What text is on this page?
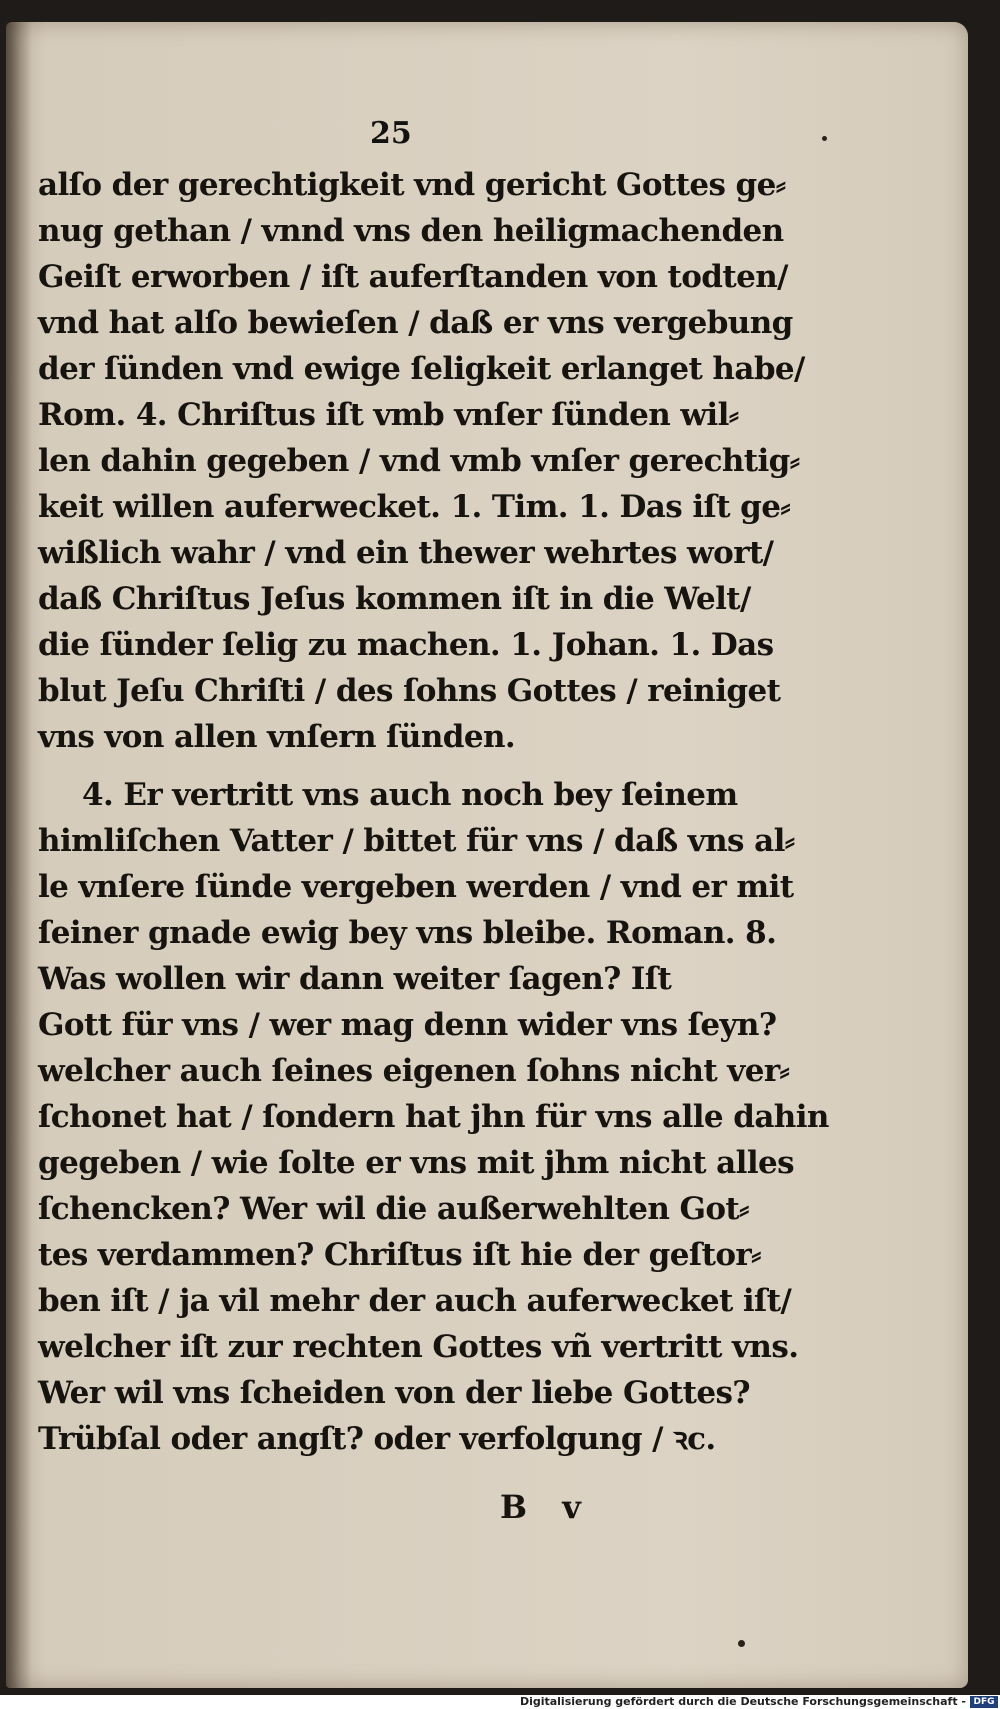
25
alſo der gerechtigkeit vnd gericht Gottes ge⸗
nug gethan / vnnd vns den heiligmachenden
Geiſt erworben / iſt auferſtanden von todten/
vnd hat alſo bewieſen / daß er vns vergebung
der ſünden vnd ewige ſeligkeit erlanget habe/
Rom. 4. Chriſtus iſt vmb vnſer ſünden wil⸗
len dahin gegeben / vnd vmb vnſer gerechtig⸗
keit willen auferwecket. 1. Tim. 1. Das iſt ge⸗
wißlich wahr / vnd ein thewer wehrtes wort/
daß Chriſtus Jeſus kommen iſt in die Welt/
die ſünder ſelig zu machen. 1. Johan. 1. Das
blut Jeſu Chriſti / des ſohns Gottes / reiniget
vns von allen vnſern ſünden.
4. Er vertritt vns auch noch bey ſeinem
himliſchen Vatter / bittet für vns / daß vns al⸗
le vnſere ſünde vergeben werden / vnd er mit
ſeiner gnade ewig bey vns bleibe. Roman. 8.
Was wollen wir dann weiter ſagen? Iſt
Gott für vns / wer mag denn wider vns ſeyn?
welcher auch ſeines eigenen ſohns nicht ver⸗
ſchonet hat / ſondern hat jhn für vns alle dahin
gegeben / wie ſolte er vns mit jhm nicht alles
ſchencken? Wer wil die außerwehlten Got⸗
tes verdammen? Chriſtus iſt hie der geſtor⸗
ben iſt / ja vil mehr der auch auferwecket iſt/
welcher iſt zur rechten Gottes vñ vertritt vns.
Wer wil vns ſcheiden von der liebe Gottes?
Trübſal oder angſt? oder verfolgung / ꝛc.
B v
Digitalisierung gefördert durch die Deutsche Forschungsgemeinschaft - DFG
